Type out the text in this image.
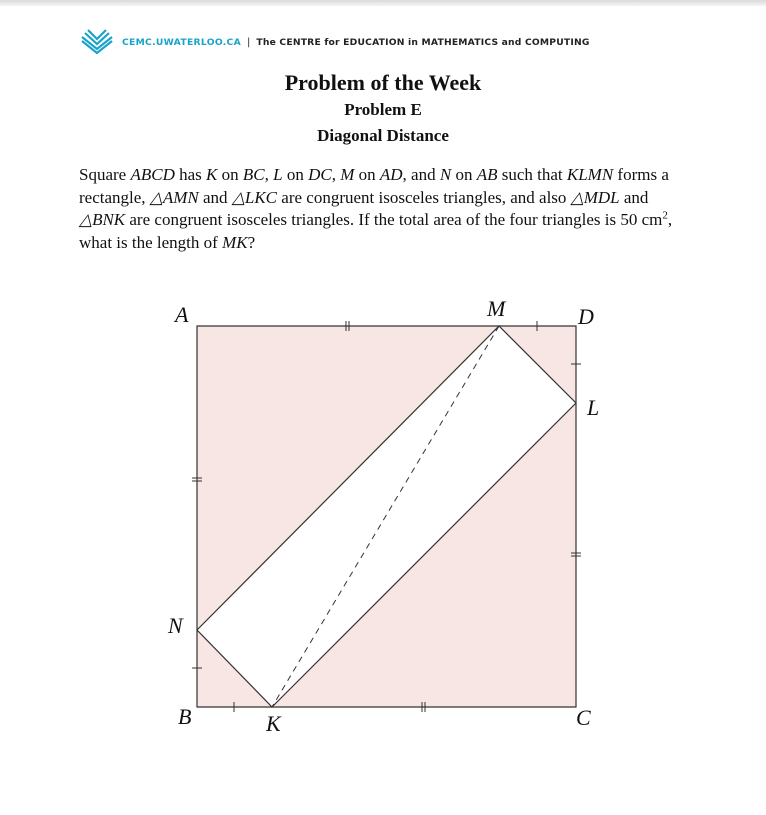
CEMC.UWATERLOO.CA | The CENTRE for EDUCATION in MATHEMATICS and COMPUTING
Problem of the Week
Problem E
Diagonal Distance

Square ABCD has K on BC, L on DC, M on AD, and N on AB such that KLMN forms a rectangle, △AMN and △LKC are congruent isosceles triangles, and also △MDL and △BNK are congruent isosceles triangles. If the total area of the four triangles is 50 $cm^2$, what is the length of MK?

A	M	D
L
N
B	K	C
